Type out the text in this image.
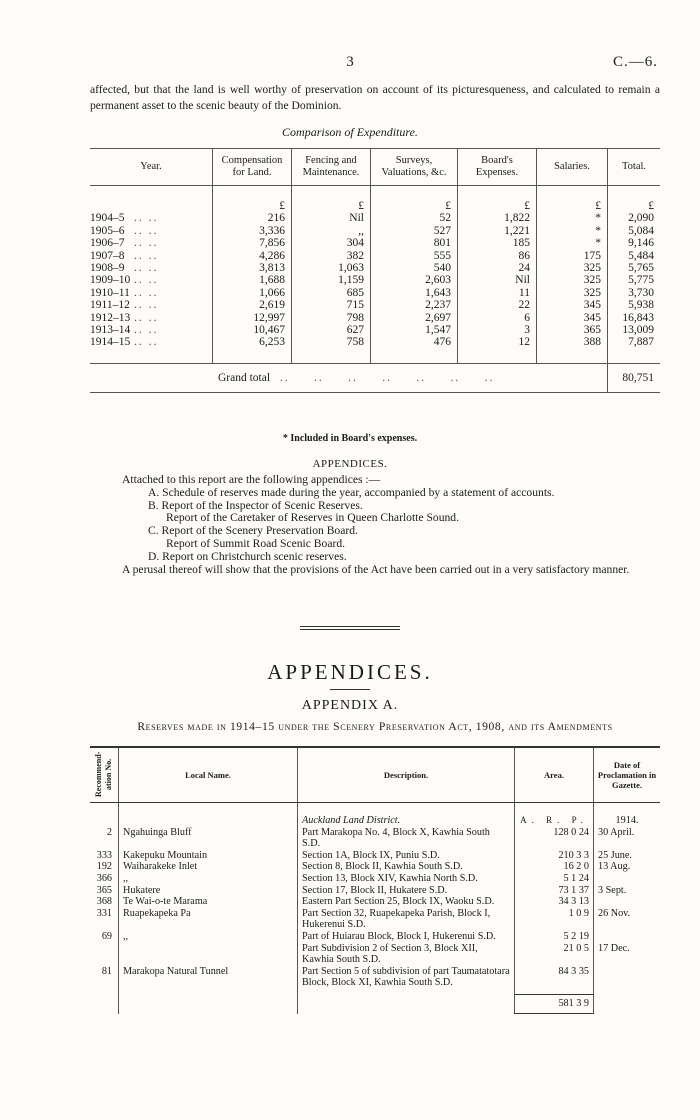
3	C.—6.
affected, but that the land is well worthy of preservation on account of its picturesqueness, and calculated to remain a permanent asset to the scenic beauty of the Dominion.
Comparison of Expenditure.
Year.	Compensation for Land.	Fencing and Maintenance.	Surveys, Valuations, &c.	Board's Expenses.	Salaries.	Total.
	£	£	£	£	£	£
1904–5 .. ..	216	Nil	52	1,822	*	2,090
1905–6 .. ..	3,336	,,	527	1,221	*	5,084
1906–7 .. ..	7,856	304	801	185	*	9,146
1907–8 .. ..	4,286	382	555	86	175	5,484
1908–9 .. ..	3,813	1,063	540	24	325	5,765
1909–10 .. ..	1,688	1,159	2,603	Nil	325	5,775
1910–11 .. ..	1,066	685	1,643	11	325	3,730
1911–12 .. ..	2,619	715	2,237	22	345	5,938
1912–13 .. ..	12,997	798	2,697	6	345	16,843
1913–14 .. ..	10,467	627	1,547	3	365	13,009
1914–15 .. ..	6,253	758	476	12	388	7,887

Grand total  ..     ..     ..     ..     ..     ..     ..						80,751
* Included in Board's expenses.
APPENDICES.
Attached to this report are the following appendices :—
A. Schedule of reserves made during the year, accompanied by a statement of accounts.
B. Report of the Inspector of Scenic Reserves.
Report of the Caretaker of Reserves in Queen Charlotte Sound.
C. Report of the Scenery Preservation Board.
Report of Summit Road Scenic Board.
D. Report on Christchurch scenic reserves.
A perusal thereof will show that the provisions of the Act have been carried out in a very satisfactory manner.
APPENDICES.
APPENDIX A.
Reserves made in 1914–15 under the Scenery Preservation Act, 1908, and its Amendments
Recommend-ation No.	Local Name.	Description.	Area.	Date of Proclamation in Gazette.
		Auckland Land District.	A. R. P.	1914.
2	Ngahuinga Bluff	Part Marakopa No. 4, Block X, Kawhia South S.D.	128 0 24	30 April.
333	Kakepuku Mountain	Section 1A, Block IX, Puniu S.D.	210 3 3	25 June.
192	Waiharakeke Inlet	Section 8, Block II, Kawhia South S.D.	16 2 0	13 Aug.
366	,,	Section 13, Block XIV, Kawhia North S.D.	5 1 24	
365	Hukatere	Section 17, Block II, Hukatere S.D.	73 1 37	3 Sept.
368	Te Wai-o-te Marama	Eastern Part Section 25, Block IX, Waoku S.D.	34 3 13	
331	Ruapekapeka Pa	Part Section 32, Ruapekapeka Parish, Block I, Hukerenui S.D.	1 0 9	26 Nov.
69	,,	Part of Huiarau Block, Block I, Hukerenui S.D.	5 2 19	
		Part Subdivision 2 of Section 3, Block XII, Kawhia South S.D.	21 0 5	17 Dec.
81	Marakopa Natural Tunnel	Part Section 5 of subdivision of part Taumatatotara Block, Block XI, Kawhia South S.D.	84 3 35	
			581 3 9	
